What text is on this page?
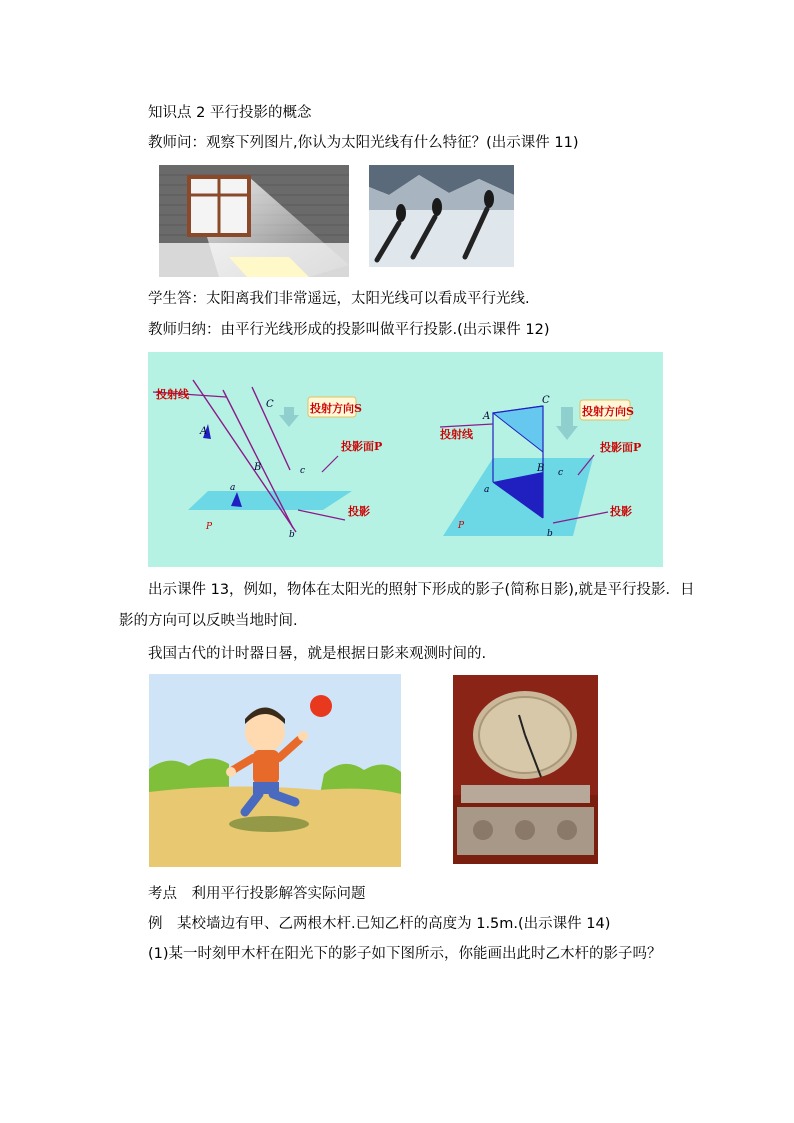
知识点 2 平行投影的概念
教师问：观察下列图片,你认为太阳光线有什么特征？(出示课件 11)
学生答：太阳离我们非常遥远，太阳光线可以看成平行光线.
教师归纳：由平行光线形成的投影叫做平行投影.(出示课件 12)
投射方向S
投射线
投影面P
投影
A
B
C
a
b
c
P
投射方向S
投射线
投影面P
投影
A
B
C
a
b
c
P
出示课件 13，例如，物体在太阳光的照射下形成的影子(简称日影),就是平行投影．日
影的方向可以反映当地时间.
我国古代的计时器日晷，就是根据日影来观测时间的.
考点　利用平行投影解答实际问题
例　某校墙边有甲、乙两根木杆.已知乙杆的高度为 1.5m.(出示课件 14)
(1)某一时刻甲木杆在阳光下的影子如下图所示，你能画出此时乙木杆的影子吗？
